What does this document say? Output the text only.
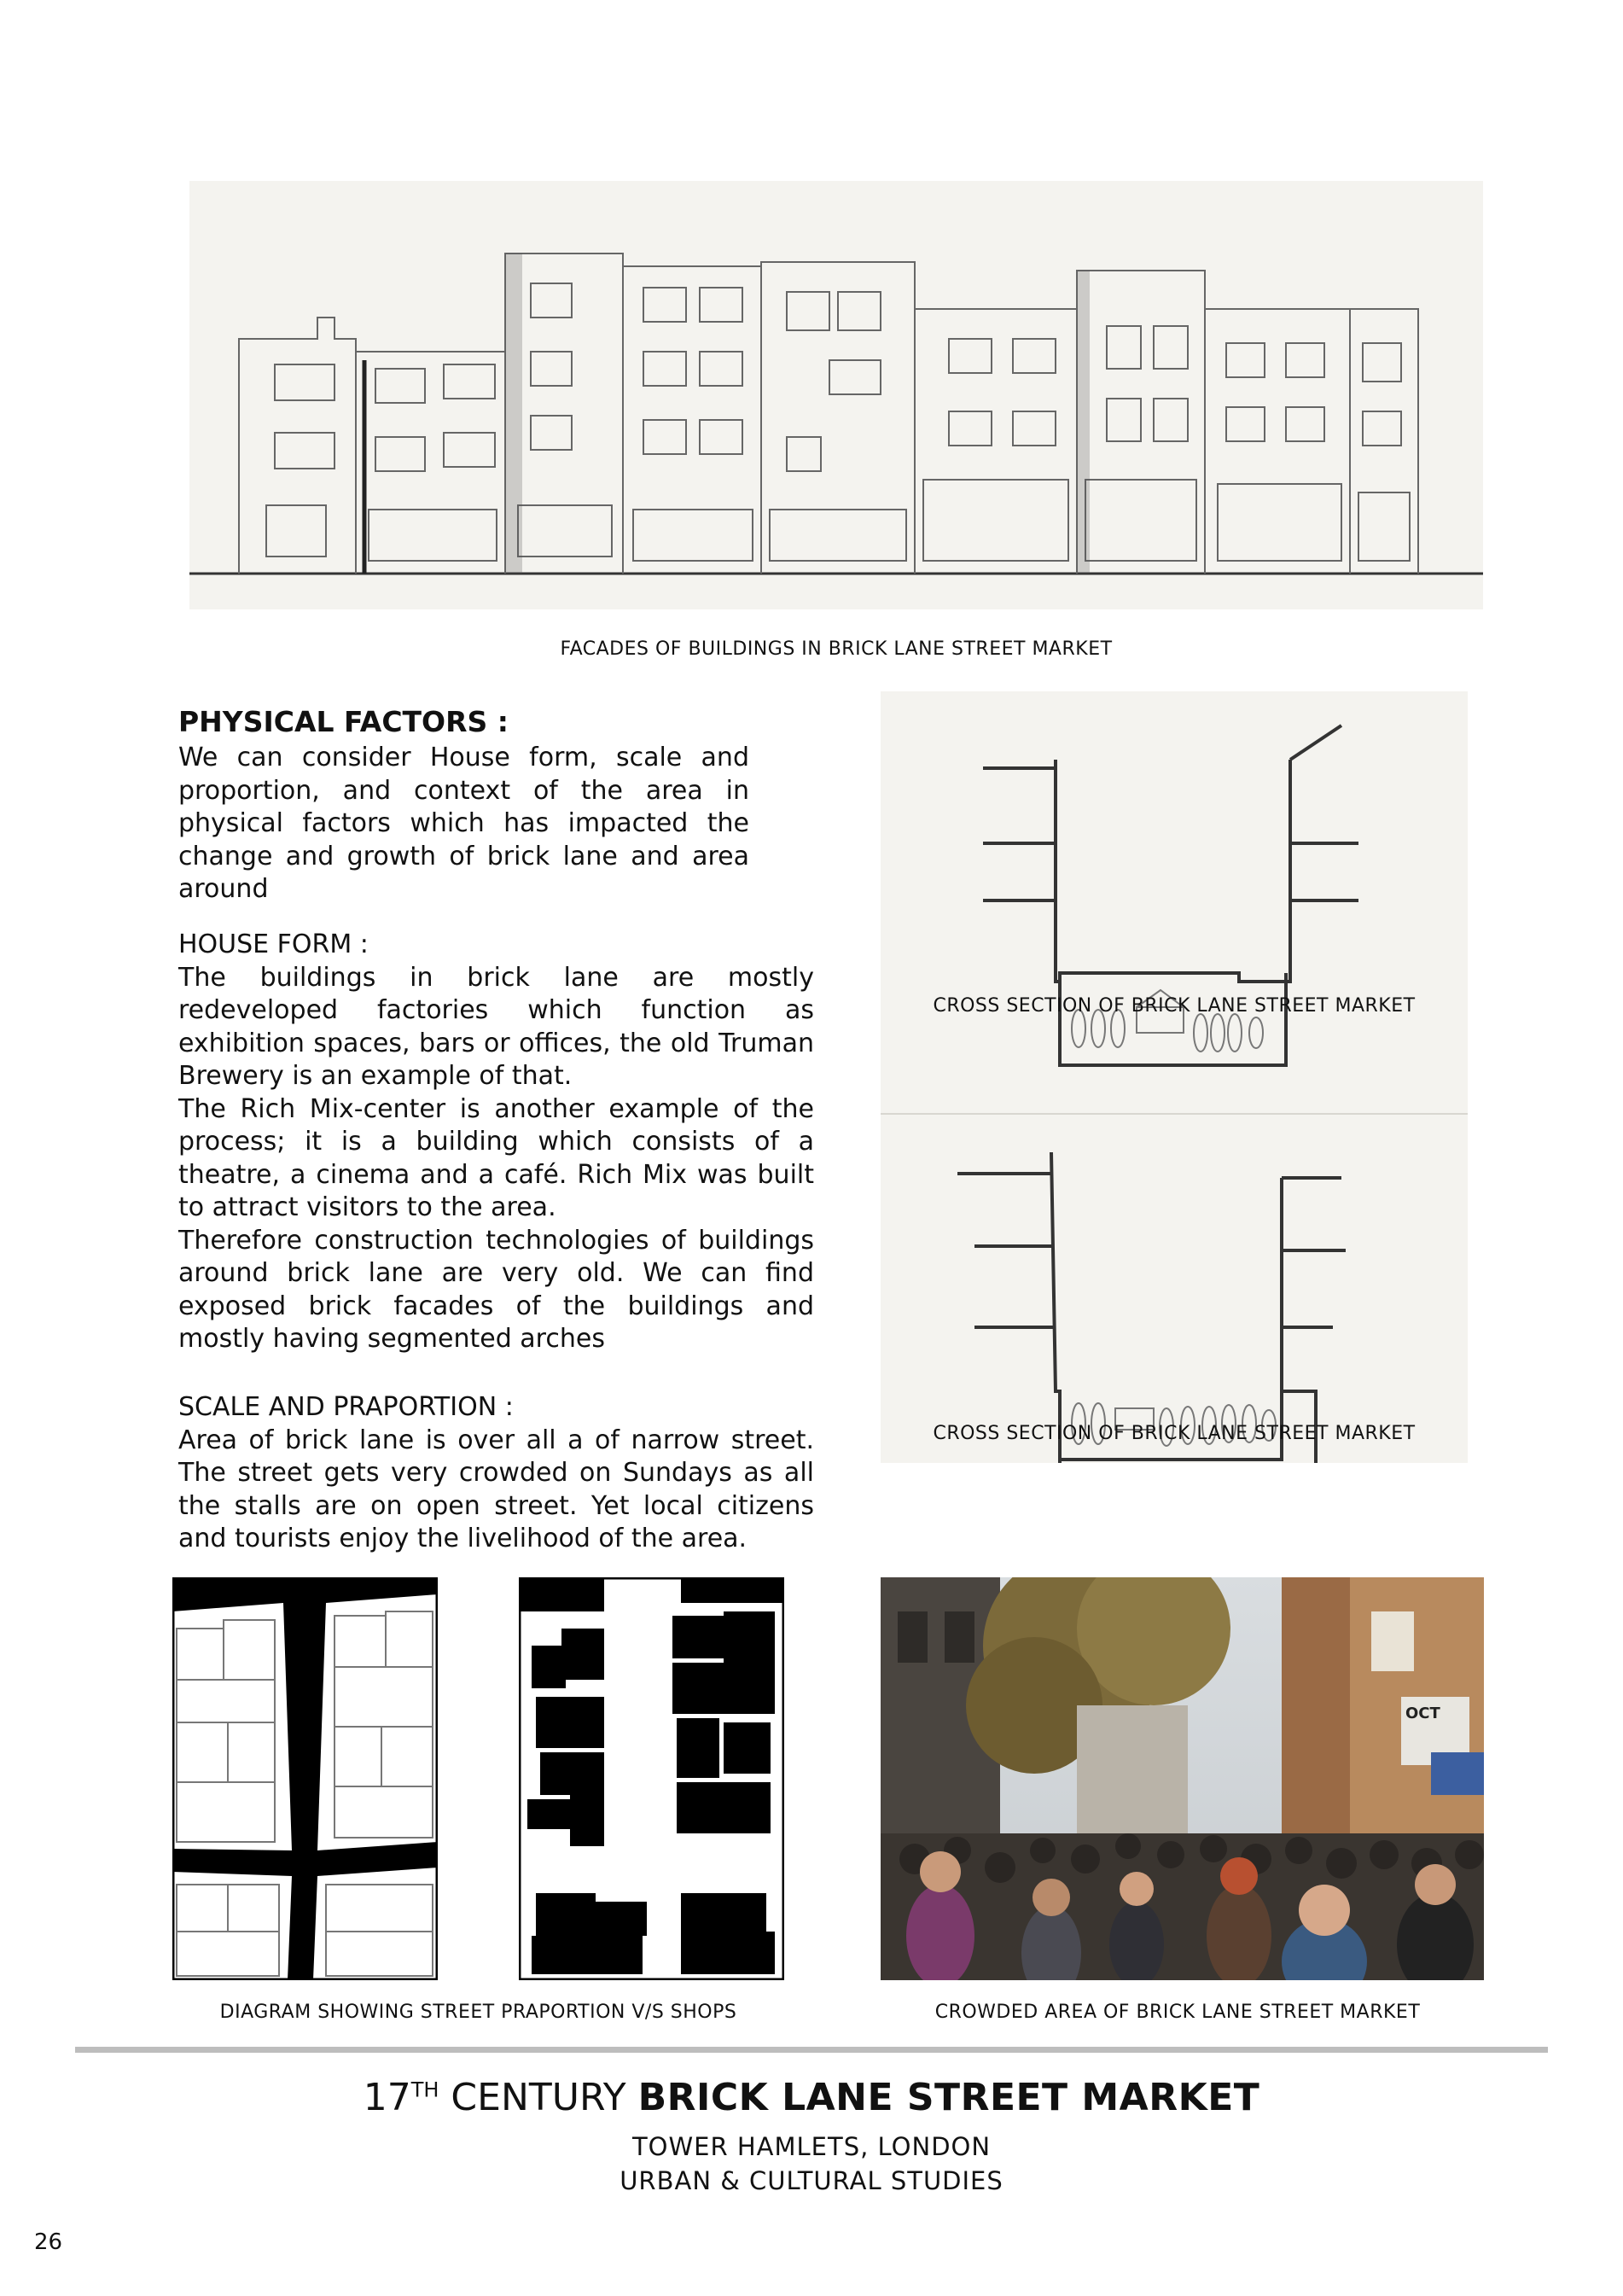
FACADES OF BUILDINGS IN BRICK LANE STREET MARKET
PHYSICAL FACTORS :

We can consider House form, scale and proportion, and context of the area in physical factors which has impacted the change and growth of brick lane and area around

HOUSE FORM :

The buildings in brick lane are mostly redeveloped factories which function as exhibition spaces, bars or offices, the old Truman Brewery is an example of that.

The Rich Mix-center is another example of the process; it is a building which consists of a theatre, a cinema and a café. Rich Mix was built to attract visitors to the area.

Therefore construction technologies of buildings around brick lane are very old. We can find exposed brick facades of the buildings and mostly having segmented arches

SCALE AND PRAPORTION :

Area of brick lane is over all a of narrow street. The street gets very crowded on Sundays as all the stalls are on open street. Yet local citizens and tourists enjoy the livelihood of the area.

CROSS SECTION OF BRICK LANE STREET MARKET
CROSS SECTION OF BRICK LANE STREET MARKET
DIAGRAM SHOWING STREET PRAPORTION V/S SHOPS
OCT
CROWDED AREA OF BRICK LANE STREET MARKET
17TH CENTURY BRICK LANE STREET MARKET
TOWER HAMLETS, LONDON
URBAN & CULTURAL STUDIES
26
